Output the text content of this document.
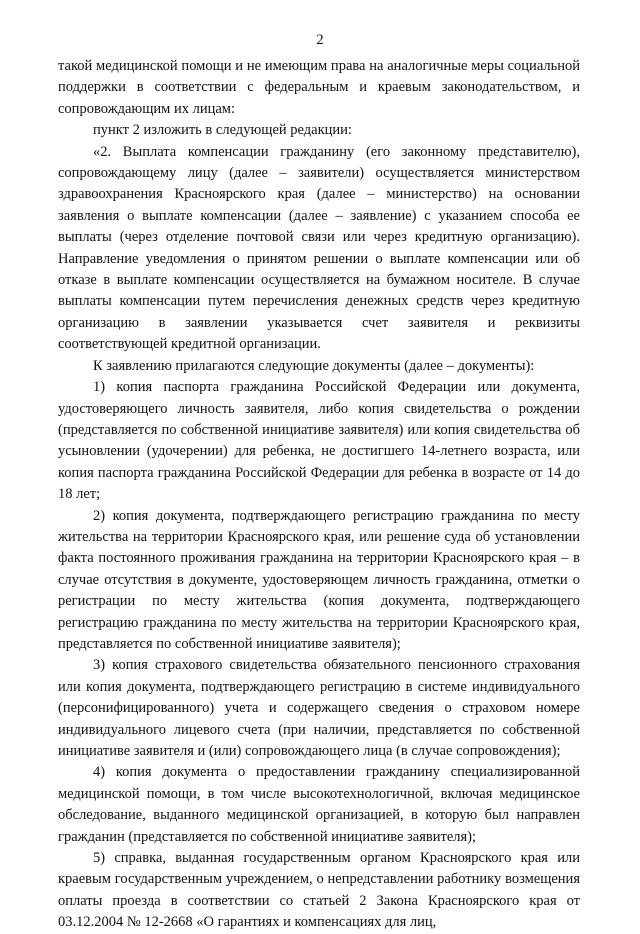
2

такой медицинской помощи и не имеющим права на аналогичные меры социальной поддержки в соответствии с федеральным и краевым законодательством, и сопровождающим их лицам:

пункт 2 изложить в следующей редакции:

«2. Выплата компенсации гражданину (его законному представителю), сопровождающему лицу (далее – заявители) осуществляется министерством здравоохранения Красноярского края (далее – министерство) на основании заявления о выплате компенсации (далее – заявление) с указанием способа ее выплаты (через отделение почтовой связи или через кредитную организацию). Направление уведомления о принятом решении о выплате компенсации или об отказе в выплате компенсации осуществляется на бумажном носителе. В случае выплаты компенсации путем перечисления денежных средств через кредитную организацию в заявлении указывается счет заявителя и реквизиты соответствующей кредитной организации.

К заявлению прилагаются следующие документы (далее – документы):

1) копия паспорта гражданина Российской Федерации или документа, удостоверяющего личность заявителя, либо копия свидетельства о рождении (представляется по собственной инициативе заявителя) или копия свидетельства об усыновлении (удочерении) для ребенка, не достигшего 14-летнего возраста, или копия паспорта гражданина Российской Федерации для ребенка в возрасте от 14 до 18 лет;

2) копия документа, подтверждающего регистрацию гражданина по месту жительства на территории Красноярского края, или решение суда об установлении факта постоянного проживания гражданина на территории Красноярского края – в случае отсутствия в документе, удостоверяющем личность гражданина, отметки о регистрации по месту жительства (копия документа, подтверждающего регистрацию гражданина по месту жительства на территории Красноярского края, представляется по собственной инициативе заявителя);

3) копия страхового свидетельства обязательного пенсионного страхования или копия документа, подтверждающего регистрацию в системе индивидуального (персонифицированного) учета и содержащего сведения о страховом номере индивидуального лицевого счета (при наличии, представляется по собственной инициативе заявителя и (или) сопровождающего лица (в случае сопровождения);

4) копия документа о предоставлении гражданину специализированной медицинской помощи, в том числе высокотехнологичной, включая медицинское обследование, выданного медицинской организацией, в которую был направлен гражданин (представляется по собственной инициативе заявителя);

5) справка, выданная государственным органом Красноярского края или краевым государственным учреждением, о непредставлении работнику возмещения оплаты проезда в соответствии со статьей 2 Закона Красноярского края от 03.12.2004 № 12-2668 «О гарантиях и компенсациях для лиц,
